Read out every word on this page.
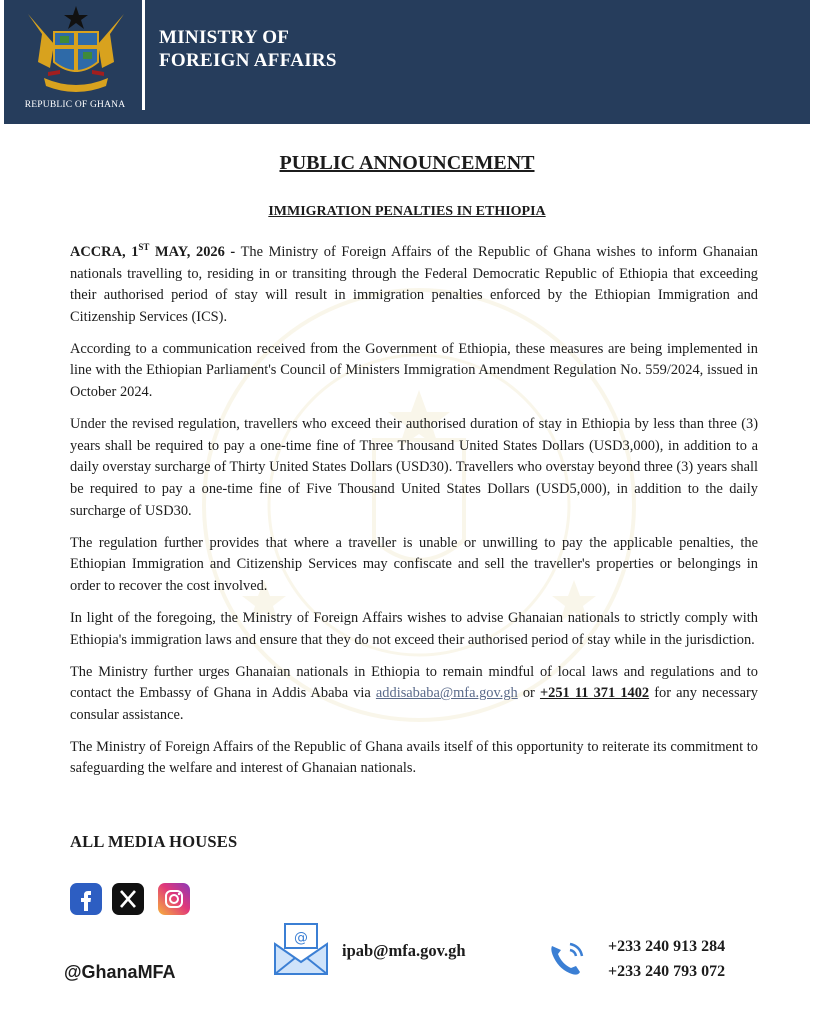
REPUBLIC OF GHANA
MINISTRY OF
FOREIGN AFFAIRS
PUBLIC ANNOUNCEMENT
IMMIGRATION PENALTIES IN ETHIOPIA

ACCRA, 1ST MAY, 2026 - The Ministry of Foreign Affairs of the Republic of Ghana wishes to inform Ghanaian nationals travelling to, residing in or transiting through the Federal Democratic Republic of Ethiopia that exceeding their authorised period of stay will result in immigration penalties enforced by the Ethiopian Immigration and Citizenship Services (ICS).

According to a communication received from the Government of Ethiopia, these measures are being implemented in line with the Ethiopian Parliament's Council of Ministers Immigration Amendment Regulation No. 559/2024, issued in October 2024.

Under the revised regulation, travellers who exceed their authorised duration of stay in Ethiopia by less than three (3) years shall be required to pay a one-time fine of Three Thousand United States Dollars (USD3,000), in addition to a daily overstay surcharge of Thirty United States Dollars (USD30). Travellers who overstay beyond three (3) years shall be required to pay a one-time fine of Five Thousand United States Dollars (USD5,000), in addition to the daily surcharge of USD30.

The regulation further provides that where a traveller is unable or unwilling to pay the applicable penalties, the Ethiopian Immigration and Citizenship Services may confiscate and sell the traveller's properties or belongings in order to recover the cost involved.

In light of the foregoing, the Ministry of Foreign Affairs wishes to advise Ghanaian nationals to strictly comply with Ethiopia's immigration laws and ensure that they do not exceed their authorised period of stay while in the jurisdiction.

The Ministry further urges Ghanaian nationals in Ethiopia to remain mindful of local laws and regulations and to contact the Embassy of Ghana in Addis Ababa via addisababa@mfa.gov.gh or +251 11 371 1402 for any necessary consular assistance.

The Ministry of Foreign Affairs of the Republic of Ghana avails itself of this opportunity to reiterate its commitment to safeguarding the welfare and interest of Ghanaian nationals.

ALL MEDIA HOUSES
@GhanaMFA
@
ipab@mfa.gov.gh	+233 240 913 284
+233 240 793 072
